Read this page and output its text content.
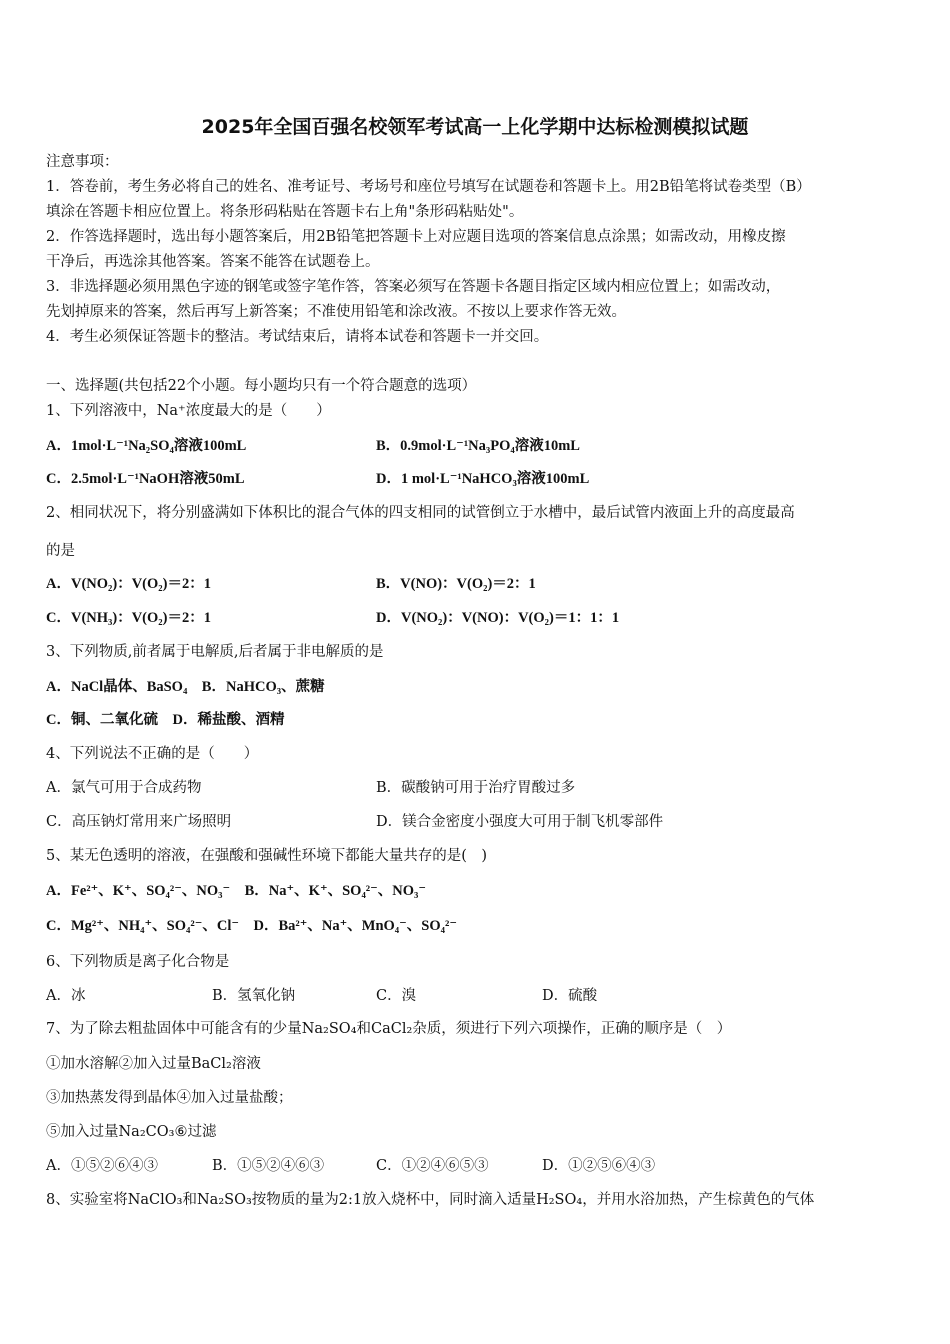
2025年全国百强名校领军考试高一上化学期中达标检测模拟试题
注意事项：
1．答卷前，考生务必将自己的姓名、准考证号、考场号和座位号填写在试题卷和答题卡上。用2B铅笔将试卷类型（B）
填涂在答题卡相应位置上。将条形码粘贴在答题卡右上角"条形码粘贴处"。
2．作答选择题时，选出每小题答案后，用2B铅笔把答题卡上对应题目选项的答案信息点涂黑；如需改动，用橡皮擦
干净后，再选涂其他答案。答案不能答在试题卷上。
3．非选择题必须用黑色字迹的钢笔或签字笔作答，答案必须写在答题卡各题目指定区域内相应位置上；如需改动，
先划掉原来的答案，然后再写上新答案；不准使用铅笔和涂改液。不按以上要求作答无效。
4．考生必须保证答题卡的整洁。考试结束后，请将本试卷和答题卡一并交回。
一、选择题(共包括22个小题。每小题均只有一个符合题意的选项）
1、下列溶液中，Na⁺浓度最大的是（　　）
A．1mol·L⁻¹Na₂SO₄溶液100mL	B．0.9mol·L⁻¹Na₃PO₄溶液10mL
C．2.5mol·L⁻¹NaOH溶液50mL	D．1 mol·L⁻¹NaHCO₃溶液100mL
2、相同状况下，将分别盛满如下体积比的混合气体的四支相同的试管倒立于水槽中，最后试管内液面上升的高度最高
的是
A．V(NO₂)：V(O₂)＝2：1	B．V(NO)：V(O₂)＝2：1
C．V(NH₃)：V(O₂)＝2：1	D．V(NO₂)：V(NO)：V(O₂)＝1：1：1
3、下列物质,前者属于电解质,后者属于非电解质的是
A．NaCl晶体、BaSO₄　B．NaHCO₃、蔗糖
C．铜、二氧化硫　D．稀盐酸、酒精
4、下列说法不正确的是（　　）
A．氯气可用于合成药物	B．碳酸钠可用于治疗胃酸过多
C．高压钠灯常用来广场照明	D．镁合金密度小强度大可用于制飞机零部件
5、某无色透明的溶液，在强酸和强碱性环境下都能大量共存的是(　)
A．Fe²⁺、K⁺、SO₄²⁻、NO₃⁻　B．Na⁺、K⁺、SO₄²⁻、NO₃⁻
C．Mg²⁺、NH₄⁺、SO₄²⁻、Cl⁻　D．Ba²⁺、Na⁺、MnO₄⁻、SO₄²⁻
6、下列物质是离子化合物是
A．冰	B．氢氧化钠	C．溴	D．硫酸
7、为了除去粗盐固体中可能含有的少量Na₂SO₄和CaCl₂杂质，须进行下列六项操作，正确的顺序是（　）
①加水溶解②加入过量BaCl₂溶液
③加热蒸发得到晶体④加入过量盐酸；
⑤加入过量Na₂CO₃⑥过滤
A．①⑤②⑥④③	B．①⑤②④⑥③	C．①②④⑥⑤③	D．①②⑤⑥④③
8、实验室将NaClO₃和Na₂SO₃按物质的量为2:1放入烧杯中，同时滴入适量H₂SO₄，并用水浴加热，产生棕黄色的气体
